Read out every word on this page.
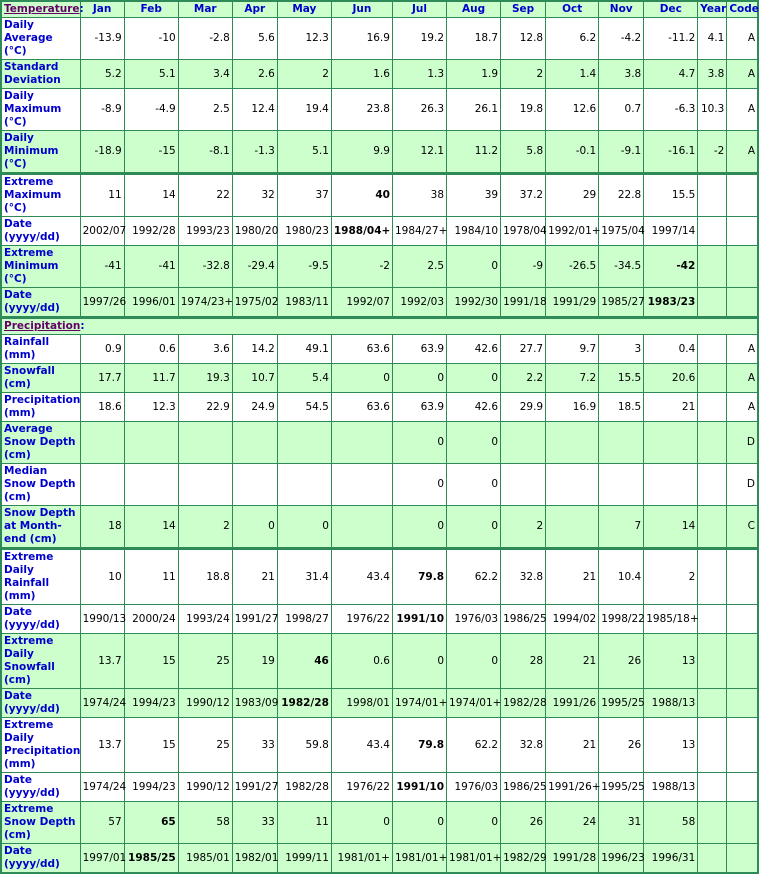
Temperature:	Jan	Feb	Mar	Apr	May	Jun	Jul	Aug	Sep	Oct	Nov	Dec	Year	Code
Daily Average (°C)	-13.9	-10	-2.8	5.6	12.3	16.9	19.2	18.7	12.8	6.2	-4.2	-11.2	4.1	A
Standard Deviation	5.2	5.1	3.4	2.6	2	1.6	1.3	1.9	2	1.4	3.8	4.7	3.8	A
Daily Maximum (°C)	-8.9	-4.9	2.5	12.4	19.4	23.8	26.3	26.1	19.8	12.6	0.7	-6.3	10.3	A
Daily Minimum (°C)	-18.9	-15	-8.1	-1.3	5.1	9.9	12.1	11.2	5.8	-0.1	-9.1	-16.1	-2	A
Extreme Maximum (°C)	11	14	22	32	37	40	38	39	37.2	29	22.8	15.5		
Date (yyyy/dd)	2002/07	1992/28	1993/23	1980/20	1980/23	1988/04+	1984/27+	1984/10	1978/04	1992/01+	1975/04	1997/14		
Extreme Minimum (°C)	-41	-41	-32.8	-29.4	-9.5	-2	2.5	0	-9	-26.5	-34.5	-42		
Date (yyyy/dd)	1997/26	1996/01	1974/23+	1975/02	1983/11	1992/07	1992/03	1992/30	1991/18	1991/29	1985/27	1983/23		
Precipitation:														
Rainfall (mm)	0.9	0.6	3.6	14.2	49.1	63.6	63.9	42.6	27.7	9.7	3	0.4		A
Snowfall (cm)	17.7	11.7	19.3	10.7	5.4	0	0	0	2.2	7.2	15.5	20.6		A
Precipitation (mm)	18.6	12.3	22.9	24.9	54.5	63.6	63.9	42.6	29.9	16.9	18.5	21		A
Average Snow Depth (cm)							0	0						D
Median Snow Depth (cm)							0	0						D
Snow Depth at Month-end (cm)	18	14	2	0	0		0	0	2		7	14		C
Extreme Daily Rainfall (mm)	10	11	18.8	21	31.4	43.4	79.8	62.2	32.8	21	10.4	2		
Date (yyyy/dd)	1990/13	2000/24	1993/24	1991/27	1998/27	1976/22	1991/10	1976/03	1986/25	1994/02	1998/22	1985/18+		
Extreme Daily Snowfall (cm)	13.7	15	25	19	46	0.6	0	0	28	21	26	13		
Date (yyyy/dd)	1974/24	1994/23	1990/12	1983/09	1982/28	1998/01	1974/01+	1974/01+	1982/28	1991/26	1995/25	1988/13		
Extreme Daily Precipitation (mm)	13.7	15	25	33	59.8	43.4	79.8	62.2	32.8	21	26	13		
Date (yyyy/dd)	1974/24	1994/23	1990/12	1991/27	1982/28	1976/22	1991/10	1976/03	1986/25	1991/26+	1995/25	1988/13		
Extreme Snow Depth (cm)	57	65	58	33	11	0	0	0	26	24	31	58		
Date (yyyy/dd)	1997/01	1985/25	1985/01	1982/01	1999/11	1981/01+	1981/01+	1981/01+	1982/29	1991/28	1996/23	1996/31		
